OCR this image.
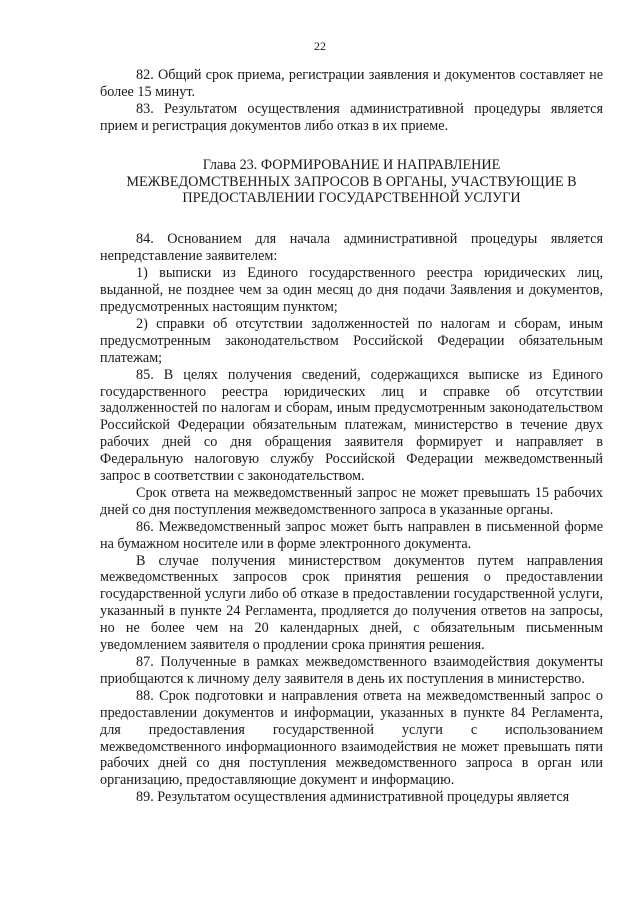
22

82. Общий срок приема, регистрации заявления и документов составляет не более 15 минут.

83. Результатом осуществления административной процедуры является прием и регистрация документов либо отказ в их приеме.

Глава 23. ФОРМИРОВАНИЕ И НАПРАВЛЕНИЕ
МЕЖВЕДОМСТВЕННЫХ ЗАПРОСОВ В ОРГАНЫ, УЧАСТВУЮЩИЕ В
ПРЕДОСТАВЛЕНИИ ГОСУДАРСТВЕННОЙ УСЛУГИ

84. Основанием для начала административной процедуры является непредставление заявителем:

1) выписки из Единого государственного реестра юридических лиц, выданной, не позднее чем за один месяц до дня подачи Заявления и документов, предусмотренных настоящим пунктом;

2) справки об отсутствии задолженностей по налогам и сборам, иным предусмотренным законодательством Российской Федерации обязательным платежам;

85. В целях получения сведений, содержащихся выписке из Единого государственного реестра юридических лиц и справке об отсутствии задолженностей по налогам и сборам, иным предусмотренным законодательством Российской Федерации обязательным платежам, министерство в течение двух рабочих дней со дня обращения заявителя формирует и направляет в Федеральную налоговую службу Российской Федерации межведомственный запрос в соответствии с законодательством.

Срок ответа на межведомственный запрос не может превышать 15 рабочих дней со дня поступления межведомственного запроса в указанные органы.

86. Межведомственный запрос может быть направлен в письменной форме на бумажном носителе или в форме электронного документа.

В случае получения министерством документов путем направления межведомственных запросов срок принятия решения о предоставлении государственной услуги либо об отказе в предоставлении государственной услуги, указанный в пункте 24 Регламента, продляется до получения ответов на запросы, но не более чем на 20 календарных дней, с обязательным письменным уведомлением заявителя о продлении срока принятия решения.

87. Полученные в рамках межведомственного взаимодействия документы приобщаются к личному делу заявителя в день их поступления в министерство.

88. Срок подготовки и направления ответа на межведомственный запрос о предоставлении документов и информации, указанных в пункте 84 Регламента, для предоставления государственной услуги с использованием межведомственного информационного взаимодействия не может превышать пяти рабочих дней со дня поступления межведомственного запроса в орган или организацию, предоставляющие документ и информацию.

89. Результатом осуществления административной процедуры является
